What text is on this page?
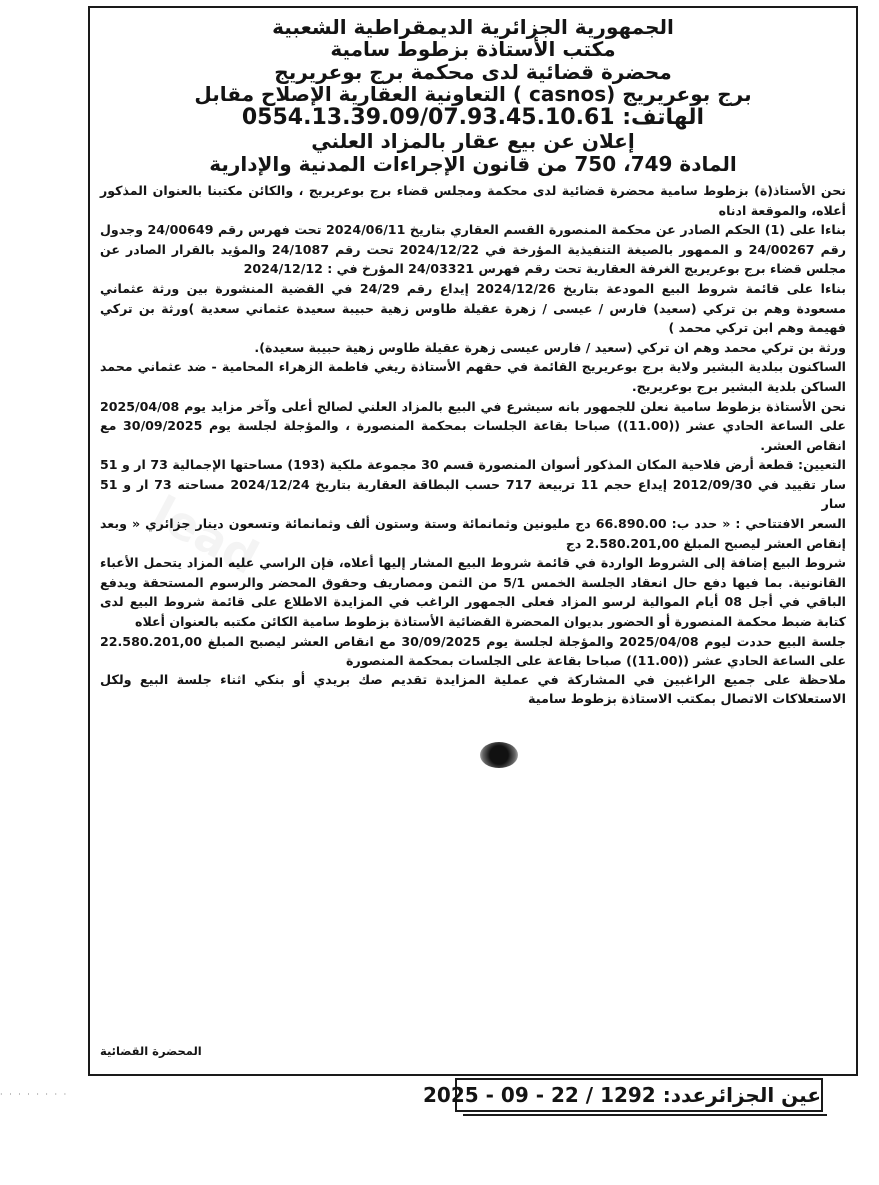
الجمهورية الجزائرية الديمقراطية الشعبية
مكتب الأستاذة بزطوط سامية
محضرة قضائية لدى محكمة برج بوعريريج
التعاونية العقارية الإصلاح مقابل ( casnos) برج بوعريريج
الهاتف: 0554.13.39.09/07.93.45.10.61
إعلان عن بيع عقار بالمزاد العلني
المادة 749، 750 من قانون الإجراءات المدنية والإدارية

نحن الأستاذ(ة) بزطوط سامية محضرة قضائية لدى محكمة ومجلس قضاء برج بوعريريج ، والكائن مكتبنا بالعنوان المذكور أعلاه، والموقعة ادناه

بناءا على (1) الحكم الصادر عن محكمة المنصورة القسم العقاري بتاريخ 2024/06/11 تحت فهرس رقم 24/00649 وجدول رقم 24/00267 و الممهور بالصيغة التنفيذية المؤرخة في 2024/12/22 تحت رقم 24/1087 والمؤيد بالقرار الصادر عن مجلس قضاء برج بوعريريج الغرفة العقارية تحت رقم فهرس 24/03321 المؤرخ في : 2024/12/12

بناءا على قائمة شروط البيع المودعة بتاريخ 2024/12/26 إيداع رقم 24/29 في القضية المنشورة بين ورثة عثماني مسعودة وهم بن تركي (سعيد) فارس / عيسى / زهرة عقيلة طاوس زهية حبيبة سعيدة عثماني سعدية )ورثة بن تركي فهيمة وهم ابن تركي محمد )

ورثة بن تركي محمد وهم ان تركي (سعيد / فارس عيسى زهرة عقيلة طاوس زهية حبيبة سعيدة).

الساكنون ببلدية البشير ولاية برج بوعريريج القائمة في حقهم الأستاذة ريغي فاطمة الزهراء المحامية - ضد عثماني محمد الساكن بلدية البشير برج بوعريريج.

نحن الأستاذة بزطوط سامية نعلن للجمهور بانه سيشرع في البيع بالمزاد العلني لصالح أعلى وآخر مزايد يوم 2025/04/08 على الساعة الحادي عشر ((11.00)) صباحا بقاعة الجلسات بمحكمة المنصورة ، والمؤجلة لجلسة يوم 30/09/2025 مع انقاص العشر.

التعيين: قطعة أرض فلاحية المكان المذكور أسوان المنصورة قسم 30 مجموعة ملكية (193) مساحتها الإجمالية 73 ار و 51 سار تقييد في 2012/09/30 إيداع حجم 11 تربيعة 717 حسب البطاقة العقارية بتاريخ 2024/12/24 مساحته 73 ار و 51 سار

السعر الافتتاحي : « حدد ب: 66.890.00 دج مليونين وثمانمائة وستة وستون ألف وثمانمائة وتسعون دينار جزائري « وبعد إنقاص العشر ليصبح المبلغ 2.580.201,00 دج

شروط البيع إضافة إلى الشروط الواردة في قائمة شروط البيع المشار إليها أعلاه، فإن الراسي عليه المزاد يتحمل الأعباء القانونية. بما فيها دفع حال انعقاد الجلسة الخمس 5/1 من الثمن ومصاريف وحقوق المحضر والرسوم المستحقة ويدفع الباقي في أجل 08 أيام الموالية لرسو المزاد فعلى الجمهور الراغب في المزايدة الاطلاع على قائمة شروط البيع لدى كتابة ضبط محكمة المنصورة أو الحضور بديوان المحضرة القضائية الأستاذة بزطوط سامية الكائن مكتبه بالعنوان أعلاه

جلسة البيع حددت ليوم 2025/04/08 والمؤجلة لجلسة يوم 30/09/2025 مع انقاص العشر ليصبح المبلغ 22.580.201,00 على الساعة الحادي عشر ((11.00)) صباحا بقاعة على الجلسات بمحكمة المنصورة

ملاحظة على جميع الراغبين في المشاركة في عملية المزايدة تقديم صك بريدي أو بنكي اثناء جلسة البيع ولكل الاستعلاكات الاتصال بمكتب الاستاذة بزطوط سامية

المحضرة القضائية
· · · · · · · ·	عين الجزائرعدد: 1292 / 22 - 09 - 2025
